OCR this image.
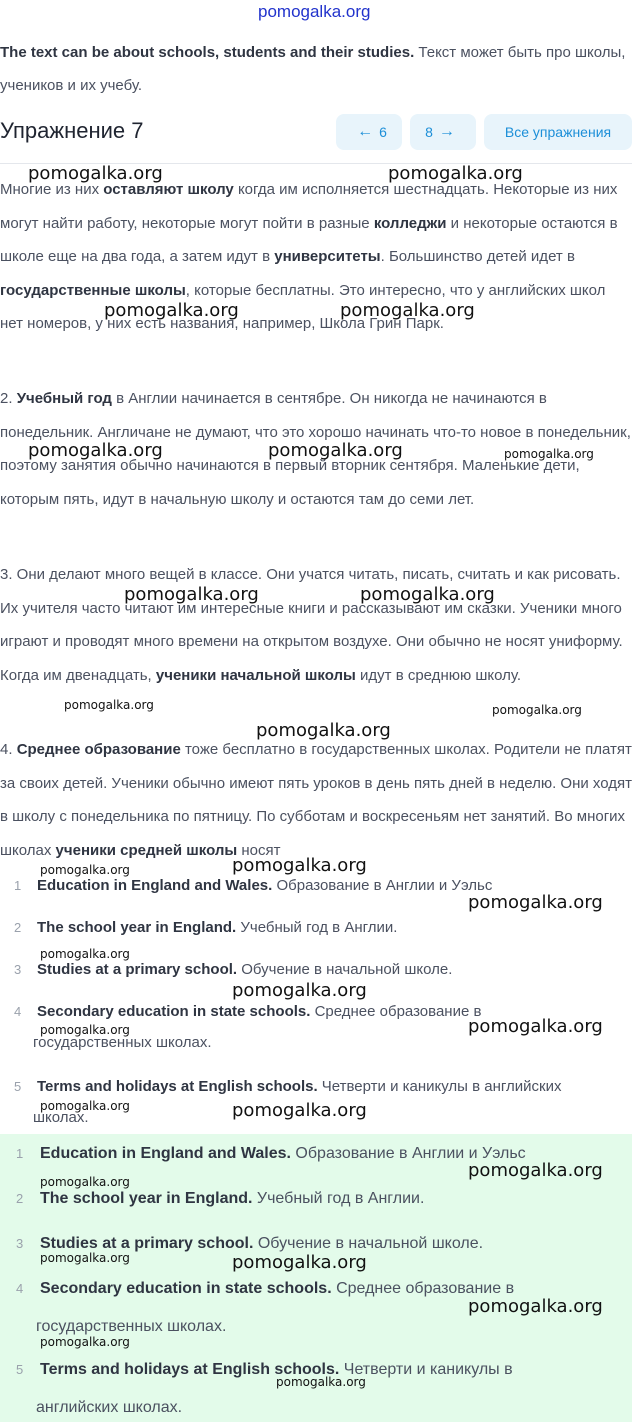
pomogalka.org
The text can be about schools, students and their studies. Текст может быть про школы, учеников и их учебу.
Упражнение 7	← 6	8 →	Все упражнения
Многие из них оставляют школу когда им исполняется шестнадцать. Некоторые из них могут найти работу, некоторые могут пойти в разные колледжи и некоторые остаются в школе еще на два года, а затем идут в университеты. Большинство детей идет в государственные школы, которые бесплатны. Это интересно, что у английских школ нет номеров, у них есть названия, например, Школа Грин Парк.
2. Учебный год в Англии начинается в сентябре. Он никогда не начинаются в понедельник. Англичане не думают, что это хорошо начинать что-то новое в понедельник, поэтому занятия обычно начинаются в первый вторник сентября. Маленькие дети, которым пять, идут в начальную школу и остаются там до семи лет.
3. Они делают много вещей в классе. Они учатся читать, писать, считать и как рисовать. Их учителя часто читают им интересные книги и рассказывают им сказки. Ученики много играют и проводят много времени на открытом воздухе. Они обычно не носят униформу. Когда им двенадцать, ученики начальной школы идут в среднюю школу.
4. Среднее образование тоже бесплатно в государственных школах. Родители не платят за своих детей. Ученики обычно имеют пять уроков в день пять дней в неделю. Они ходят в школу с понедельника по пятницу. По субботам и воскресеньям нет занятий. Во многих школах ученики средней школы носят
1	Education in England and Wales. Образование в Англии и Уэльс
2	The school year in England. Учебный год в Англии.
3	Studies at a primary school. Обучение в начальной школе.
4	Secondary education in state schools. Среднее образование в
государственных школах.
5	Terms and holidays at English schools. Четверти и каникулы в английских
школах.
1	Education in England and Wales. Образование в Англии и Уэльс
2	The school year in England. Учебный год в Англии.
3	Studies at a primary school. Обучение в начальной школе.
4	Secondary education in state schools. Среднее образование в
государственных школах.
5	Terms and holidays at English schools. Четверти и каникулы в
английских школах.
pomogalka.org	pomogalka.org
pomogalka.org	pomogalka.org
pomogalka.org	pomogalka.org	pomogalka.org
pomogalka.org	pomogalka.org
pomogalka.org	pomogalka.org
pomogalka.org
pomogalka.org
pomogalka.org
pomogalka.org
pomogalka.org
pomogalka.org
pomogalka.org
pomogalka.org
pomogalka.org	pomogalka.org
pomogalka.org
pomogalka.org
pomogalka.org
pomogalka.org
pomogalka.org
pomogalka.org
pomogalka.org
